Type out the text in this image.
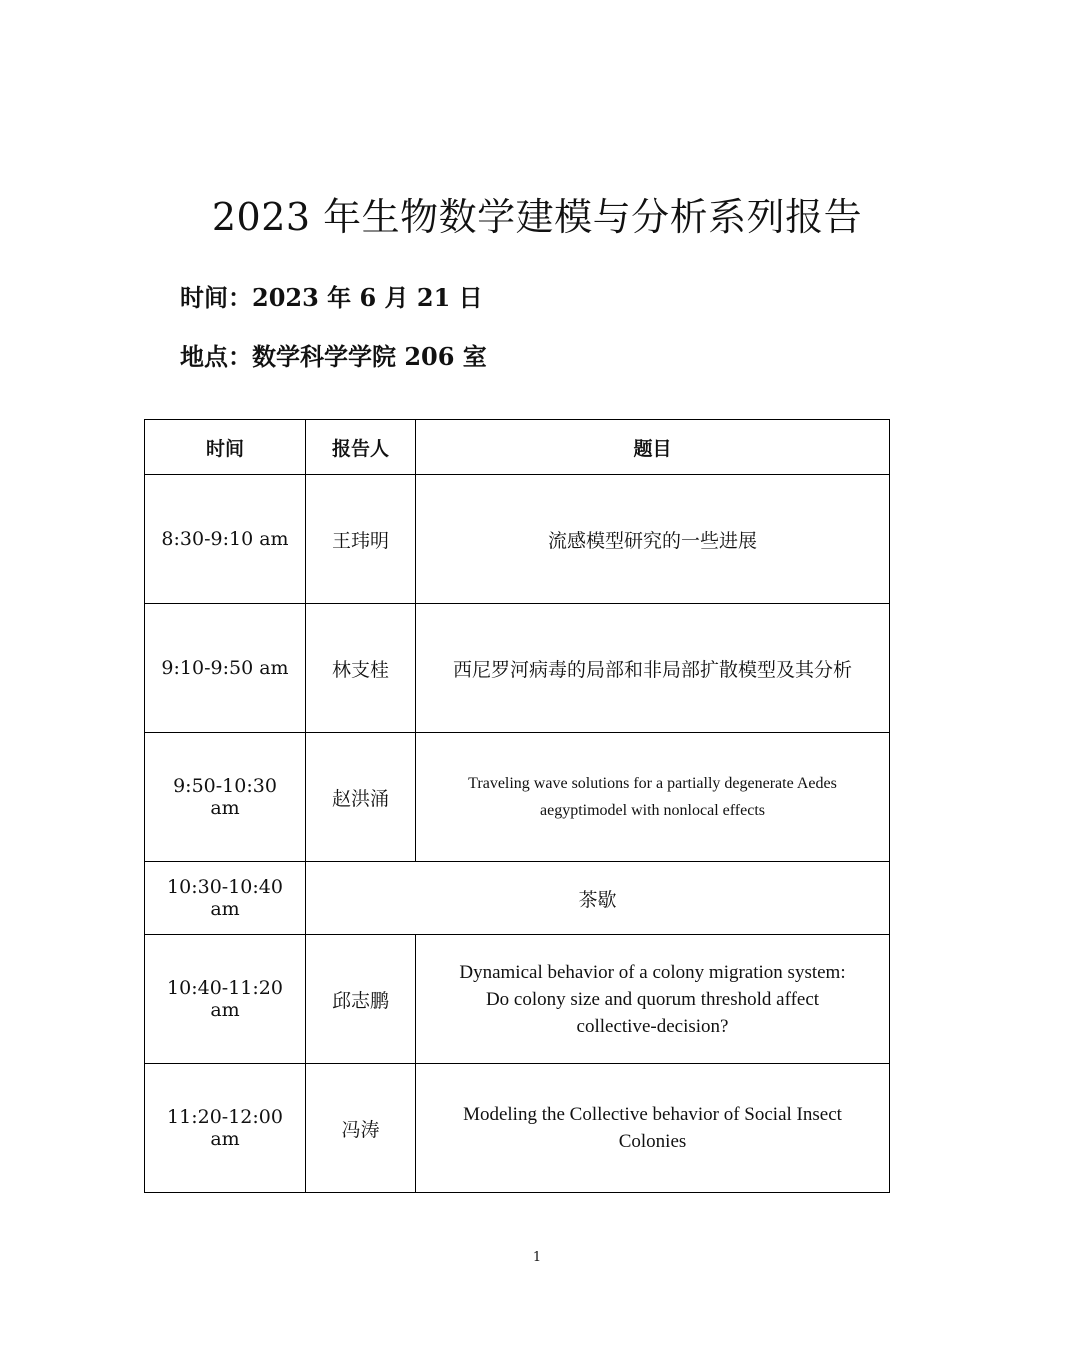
2023 年生物数学建模与分析系列报告
时间：2023 年 6 月 21 日
地点：数学科学学院 206 室
时间	报告人	题目
8:30-9:10 am	王玮明	流感模型研究的一些进展
9:10-9:50 am	林支桂	西尼罗河病毒的局部和非局部扩散模型及其分析
9:50-10:30 am	赵洪涌	Traveling wave solutions for a partially degenerate Aedes
aegyptimodel with nonlocal effects

10:30-10:40 am	茶歇	
10:40-11:20 am	邱志鹏	Dynamical behavior of a colony migration system:
Do colony size and quorum threshold affect
collective-decision?

11:20-12:00 am	冯涛	Modeling the Collective behavior of Social Insect
Colonies
1
